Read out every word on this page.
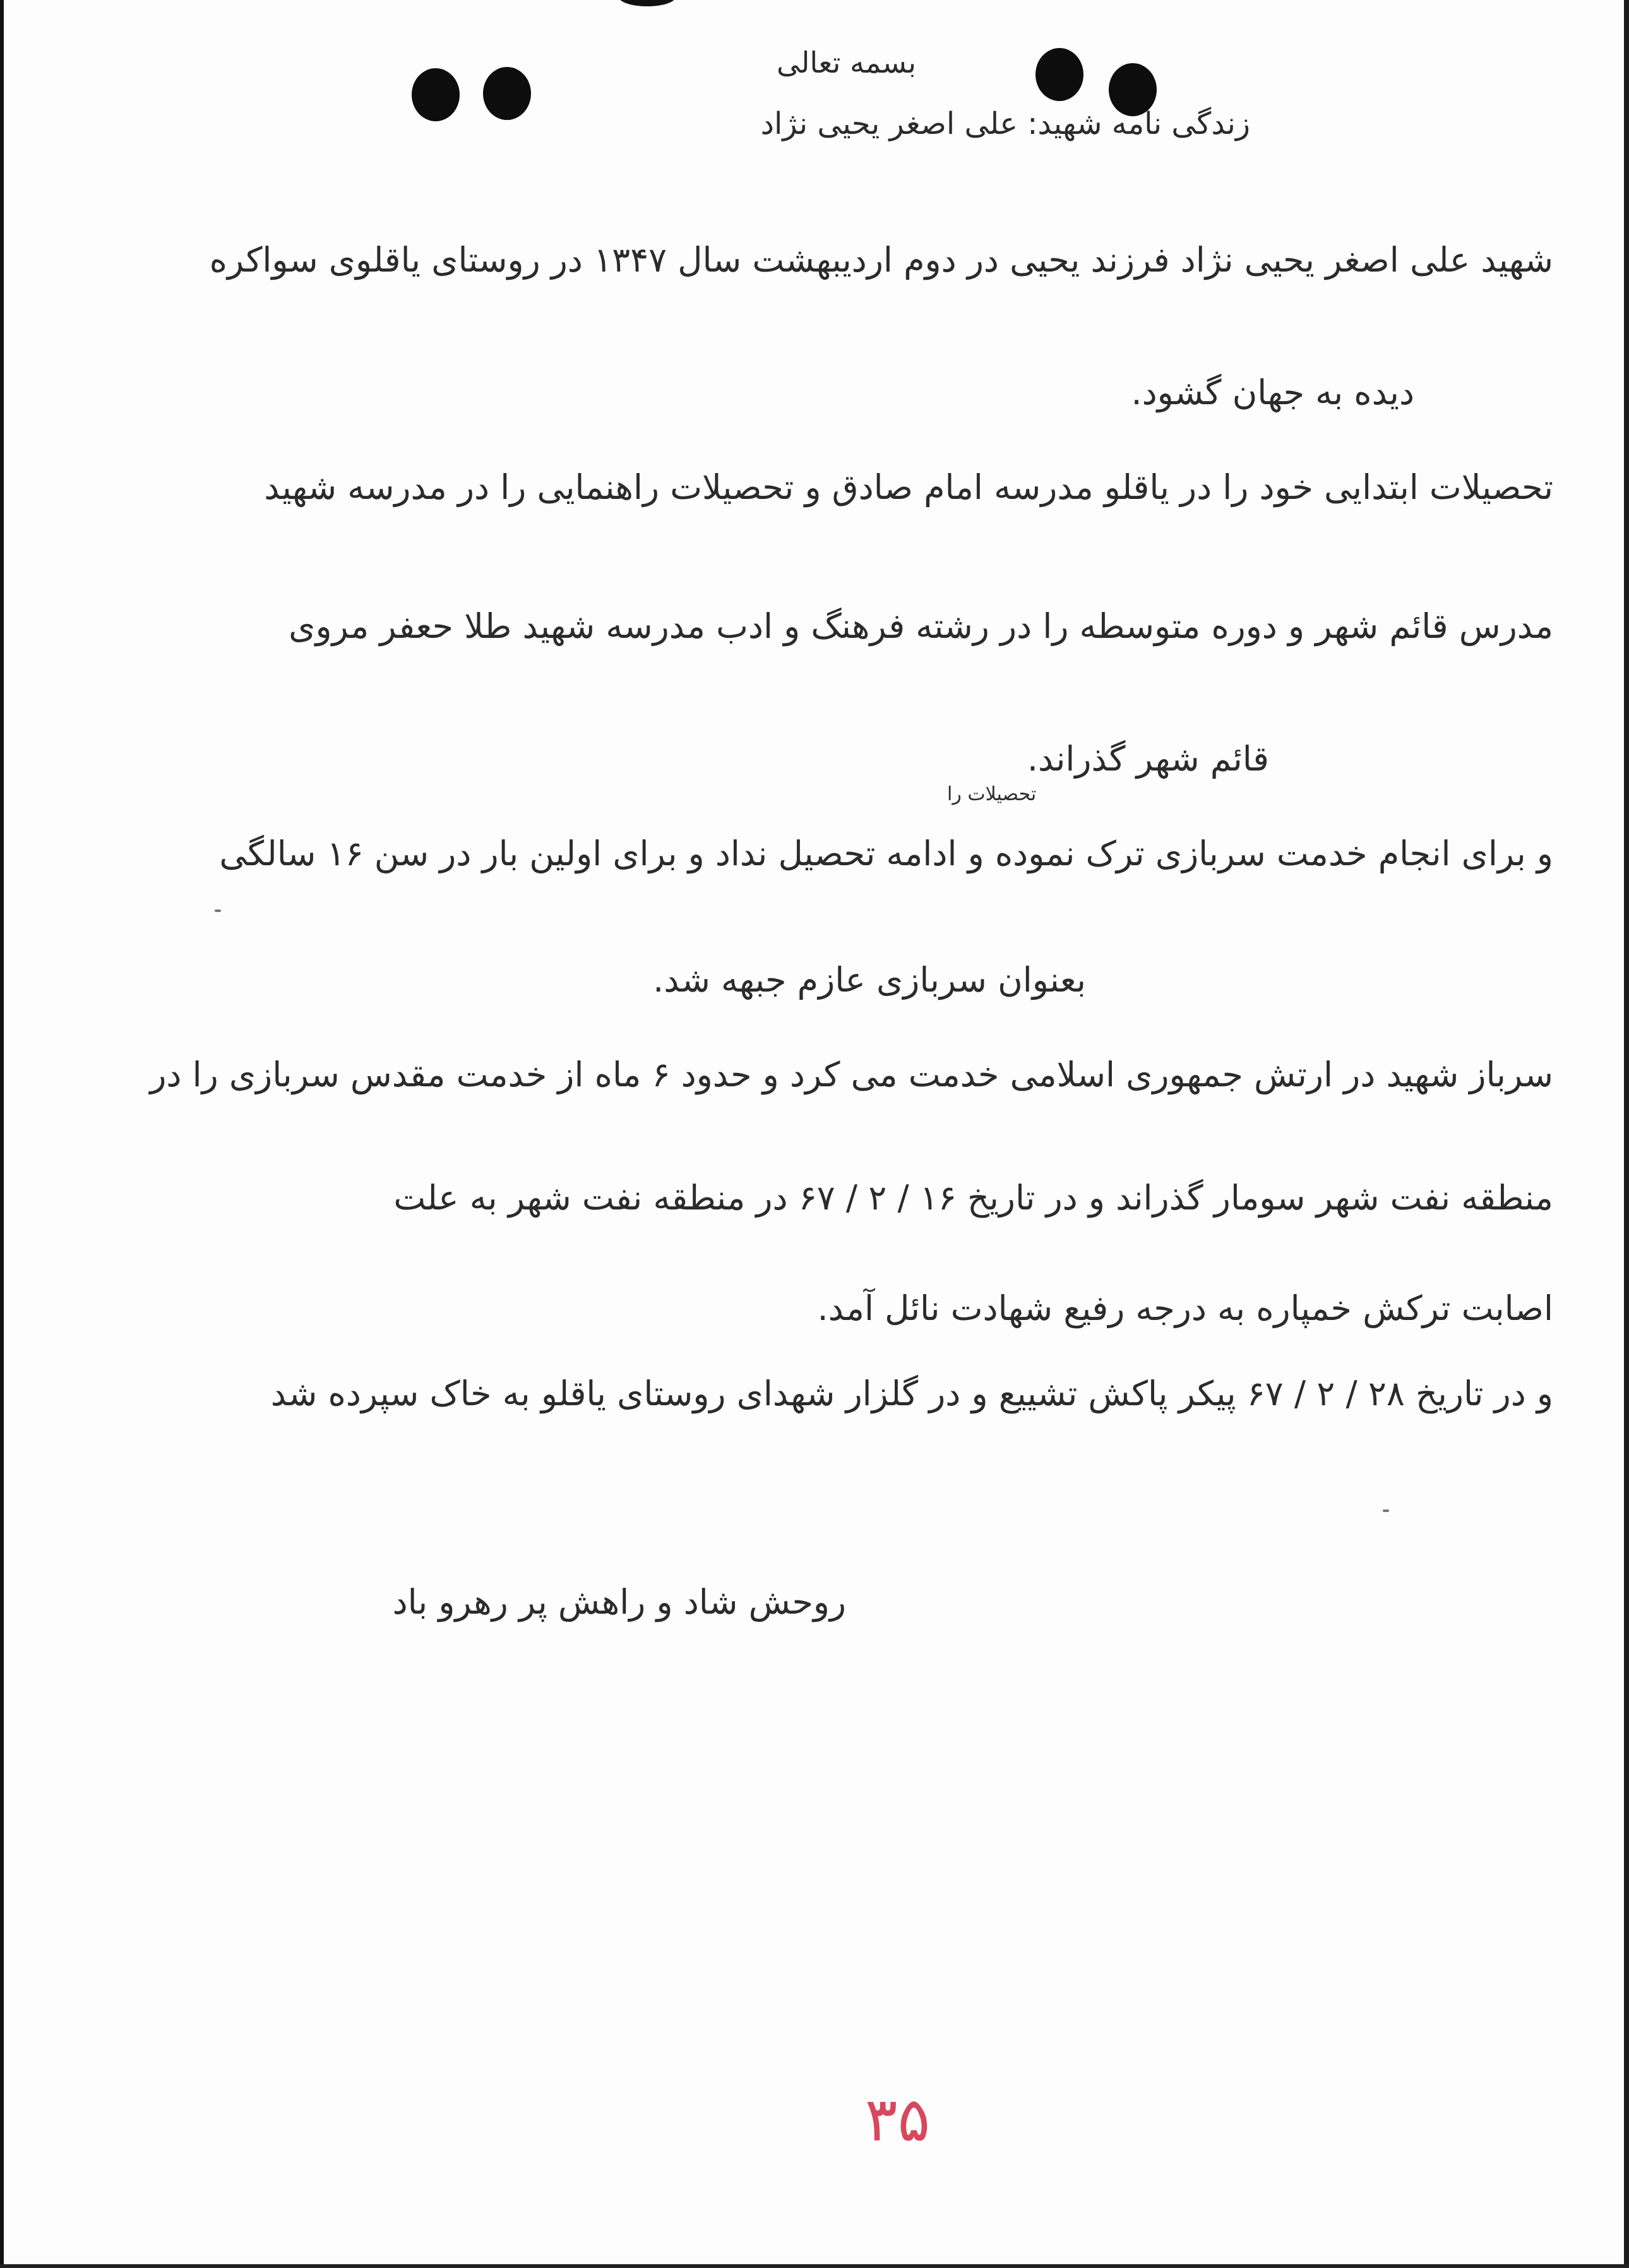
بسمه تعالی
زندگی نامه شهید: علی اصغر یحیی نژاد
شهید علی اصغر یحیی نژاد فرزند یحیی در دوم اردیبهشت سال ۱۳۴۷ در روستای یاقلوی سواکره
دیده به جهان گشود.
تحصیلات ابتدایی خود را در یاقلو مدرسه امام صادق و تحصیلات راهنمایی را در مدرسه شهید
مدرس قائم شهر و دوره متوسطه را در رشته فرهنگ و ادب مدرسه شهید طلا حعفر مروی
قائم شهر گذراند.
تحصیلات را
و برای انجام خدمت سربازی ترک نموده و ادامه تحصیل نداد و برای اولین بار در سن ۱۶ سالگی
بعنوان سربازی عازم جبهه شد.
سرباز شهید در ارتش جمهوری اسلامی خدمت می کرد و حدود ۶ ماه از خدمت مقدس سربازی را در
منطقه نفت شهر سومار گذراند و در تاریخ ۱۶ / ۲ / ۶۷ در منطقه نفت شهر به علت
اصابت ترکش خمپاره به درجه رفیع شهادت نائل آمد.
و در تاریخ ۲۸ / ۲ / ۶۷ پیکر پاکش تشییع و در گلزار شهدای روستای یاقلو به خاک سپرده شد
روحش شاد و راهش پر رهرو باد
۳۵
